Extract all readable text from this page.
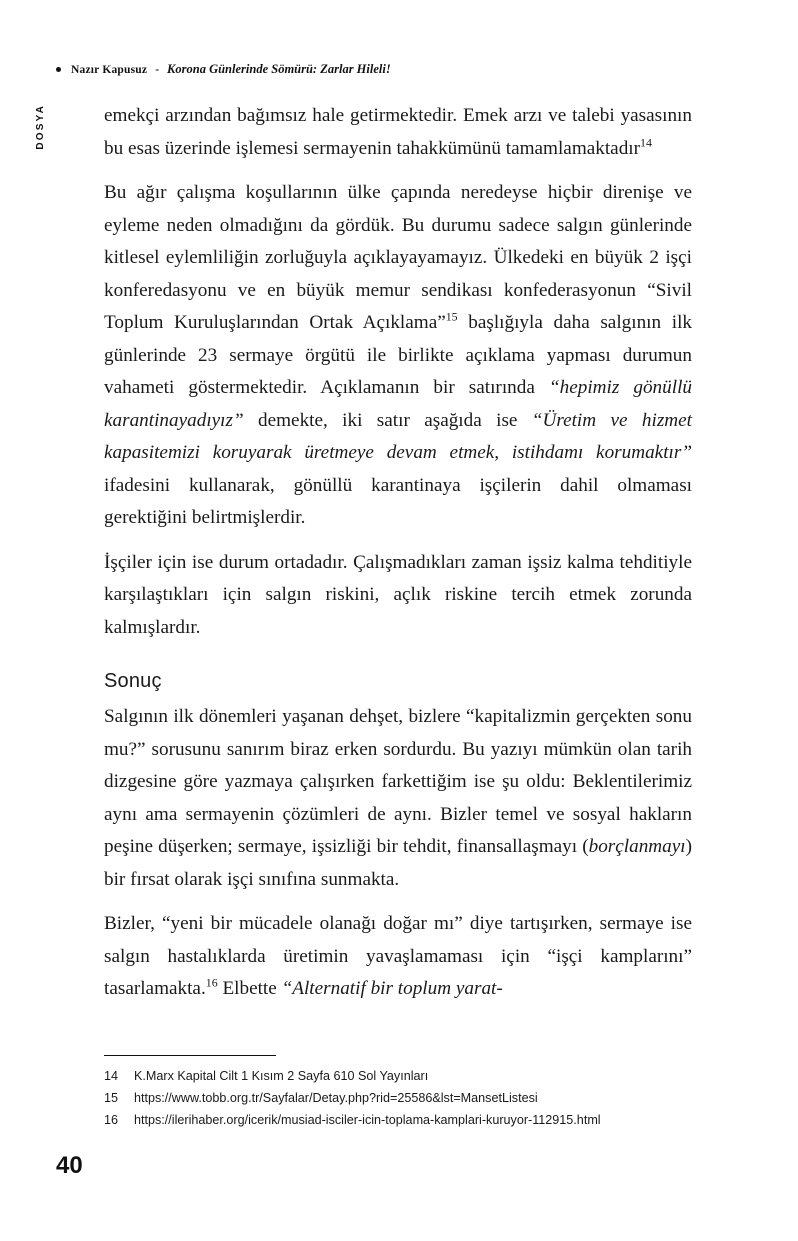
Nazır Kapusuz - Korona Günlerinde Sömürü: Zarlar Hileli!
DOSYA	emekçi arzından bağımsız hale getirmektedir. Emek arzı ve talebi yasasının bu esas üzerinde işlemesi sermayenin tahakkümünü tamamlamaktadır$^{14}$

Bu ağır çalışma koşullarının ülke çapında neredeyse hiçbir direnişe ve eyleme neden olmadığını da gördük. Bu durumu sadece salgın günlerinde kitlesel eylemliliğin zorluğuyla açıklayayamayız. Ülkedeki en büyük 2 işçi konferedasyonu ve en büyük memur sendikası konfederasyonun “Sivil Toplum Kuruluşlarından Ortak Açıklama”$^{15}$ başlığıyla daha salgının ilk günlerinde 23 sermaye örgütü ile birlikte açıklama yapması durumun vahameti göstermektedir. Açıklamanın bir satırında “hepimiz gönüllü karantinayadıyız” demekte, iki satır aşağıda ise “Üretim ve hizmet kapasitemizi koruyarak üretmeye devam etmek, istihdamı korumaktır” ifadesini kullanarak, gönüllü karantinaya işçilerin dahil olmaması gerektiğini belirtmişlerdir.

İşçiler için ise durum ortadadır. Çalışmadıkları zaman işsiz kalma tehditiyle karşılaştıkları için salgın riskini, açlık riskine tercih etmek zorunda kalmışlardır.

Sonuç

Salgının ilk dönemleri yaşanan dehşet, bizlere “kapitalizmin gerçekten sonu mu?” sorusunu sanırım biraz erken sordurdu. Bu yazıyı mümkün olan tarih dizgesine göre yazmaya çalışırken farkettiğim ise şu oldu: Beklentilerimiz aynı ama sermayenin çözümleri de aynı. Bizler temel ve sosyal hakların peşine düşerken; sermaye, işsizliği bir tehdit, finansallaşmayı (borçlanmayı) bir fırsat olarak işçi sınıfına sunmakta.

Bizler, “yeni bir mücadele olanağı doğar mı” diye tartışırken, sermaye ise salgın hastalıklarda üretimin yavaşlamaması için “işçi kamplarını” tasarlamakta.$^{16}$ Elbette “Alternatif bir toplum yarat-

14	K.Marx Kapital Cilt 1 Kısım 2 Sayfa 610 Sol Yayınları
15	https://www.tobb.org.tr/Sayfalar/Detay.php?rid=25586&lst=MansetListesi
16	https://ilerihaber.org/icerik/musiad-isciler-icin-toplama-kamplari-kuruyor-112915.html
40
